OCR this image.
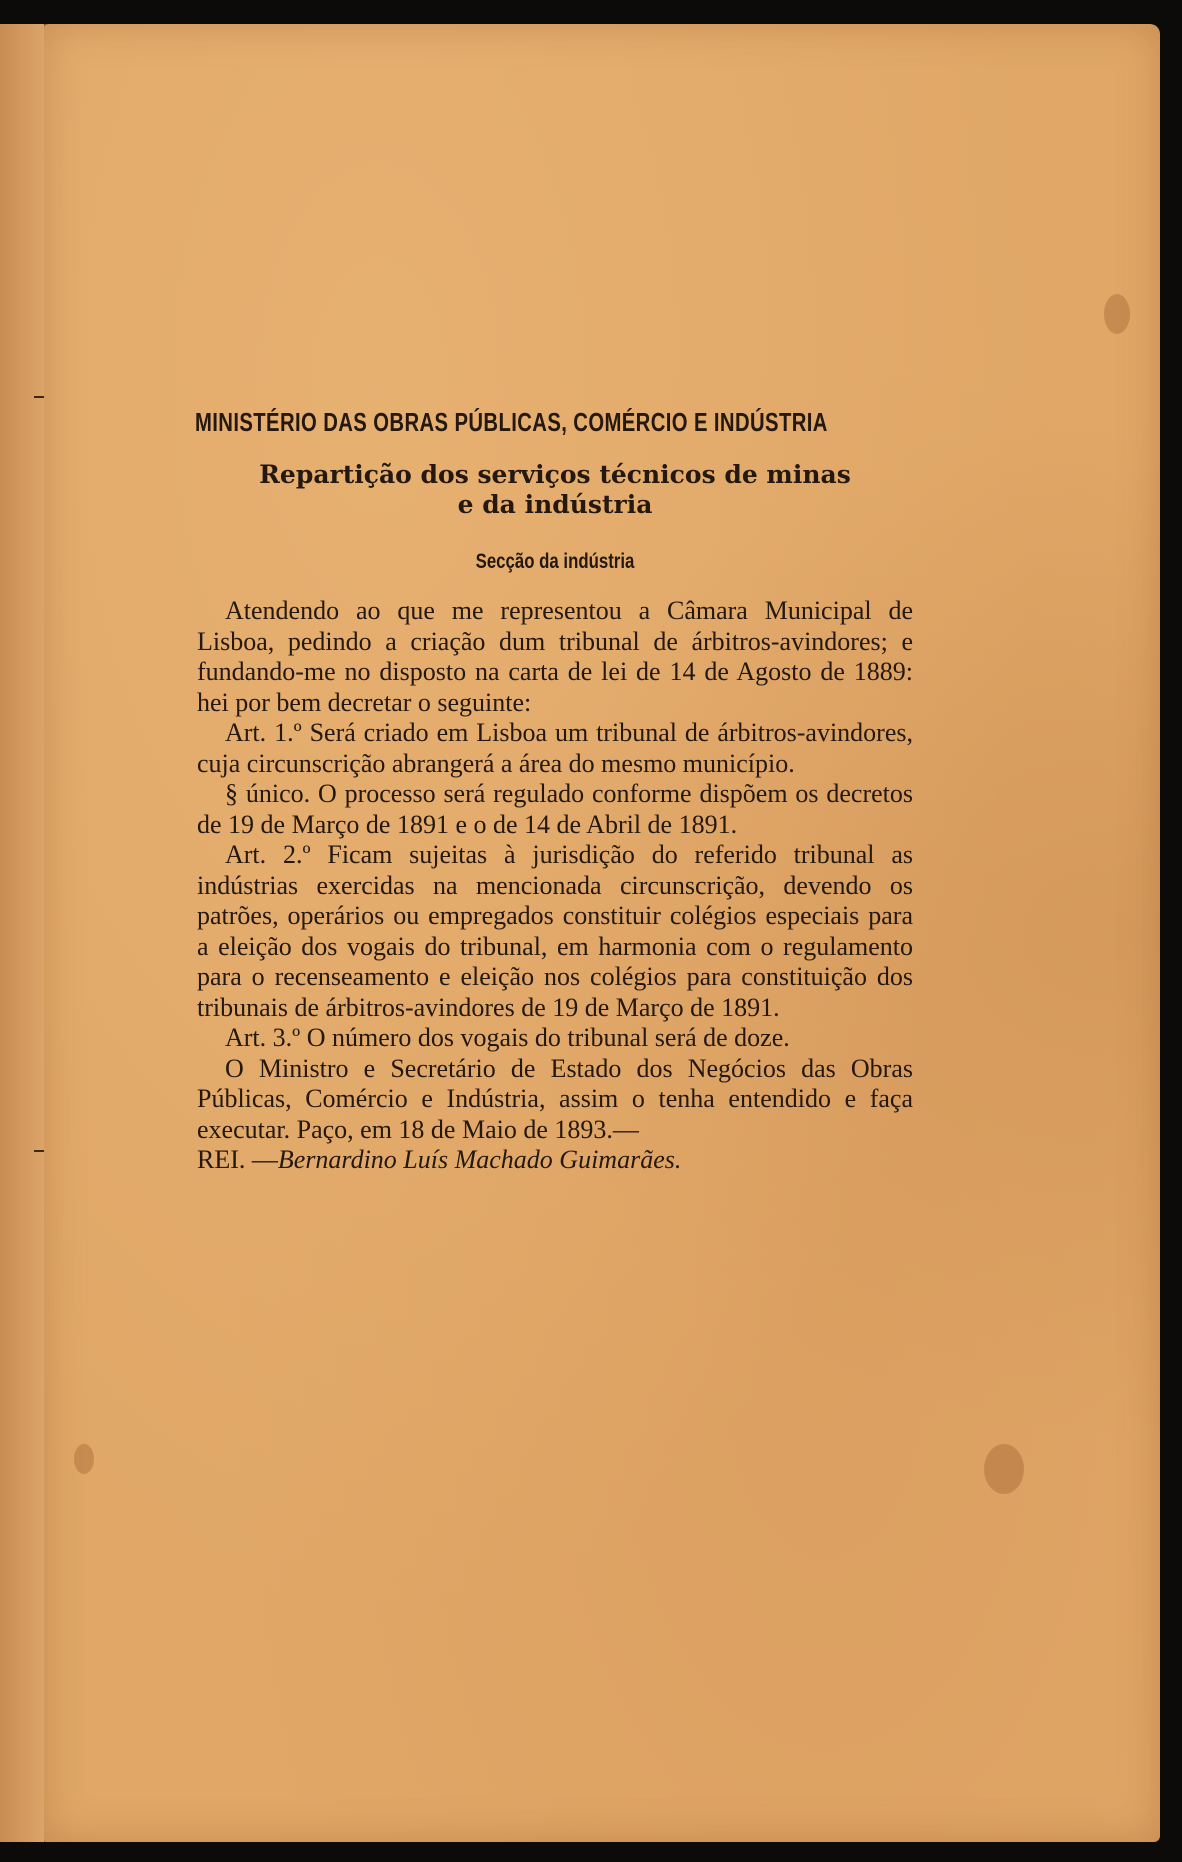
MINISTÉRIO DAS OBRAS PÚBLICAS, COMÉRCIO E INDÚSTRIA
Repartição dos serviços técnicos de minas
e da indústria
Secção da indústria

Atendendo ao que me representou a Câmara Municipal de Lisboa, pedindo a criação dum tribunal de árbitros-avindores; e fundando-me no disposto na carta de lei de 14 de Agosto de 1889: hei por bem decretar o seguinte:

Art. 1.º Será criado em Lisboa um tribunal de árbitros-avindores, cuja circunscrição abrangerá a área do mesmo município.

§ único. O processo será regulado conforme dispõem os decretos de 19 de Março de 1891 e o de 14 de Abril de 1891.

Art. 2.º Ficam sujeitas à jurisdição do referido tribunal as indústrias exercidas na mencionada circunscrição, devendo os patrões, operários ou empregados constituir colégios especiais para a eleição dos vogais do tribunal, em harmonia com o regulamento para o recenseamento e eleição nos colégios para constituição dos tribunais de árbitros-avindores de 19 de Março de 1891.

Art. 3.º O número dos vogais do tribunal será de doze.

O Ministro e Secretário de Estado dos Negócios das Obras Públicas, Comércio e Indústria, assim o tenha entendido e faça executar. Paço, em 18 de Maio de 1893.—

REI. —Bernardino Luís Machado Guimarães.
